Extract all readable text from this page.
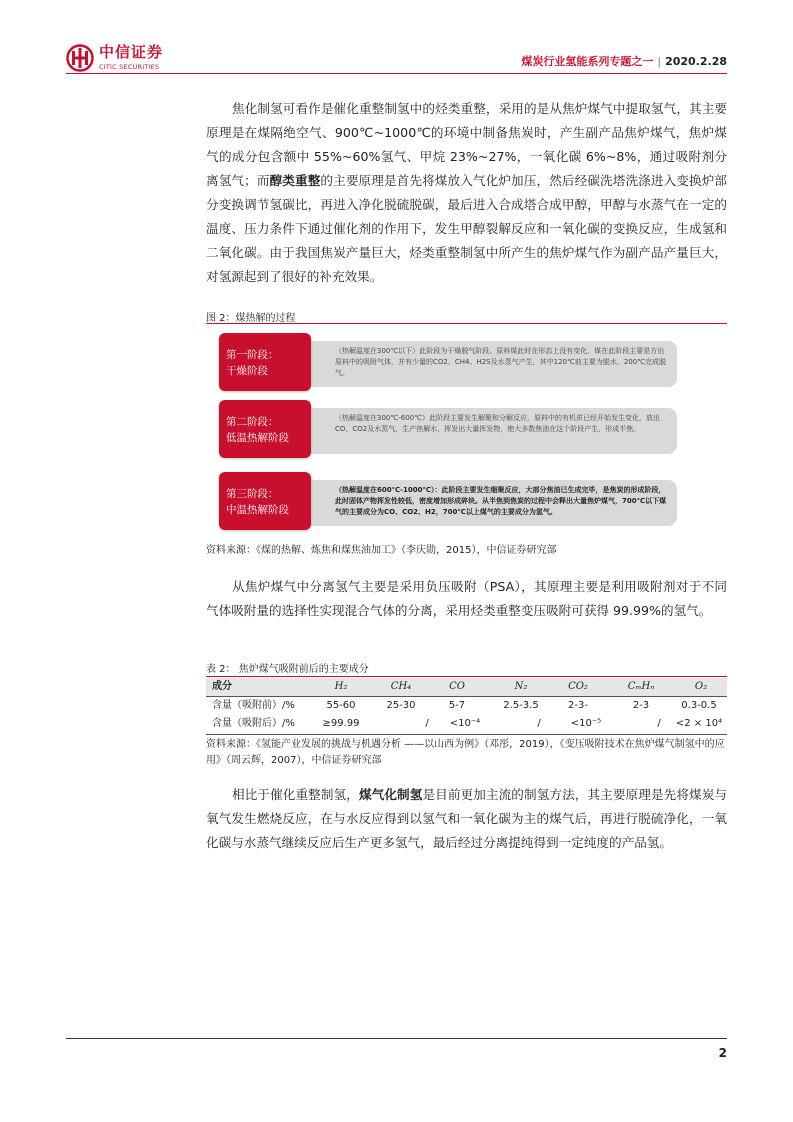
中信证券
CITIC SECURITIES	煤炭行业氢能系列专题之一 | 2020.2.28
焦化制氢可看作是催化重整制氢中的烃类重整，采用的是从焦炉煤气中提取氢气，其主要原理是在煤隔绝空气、900℃~1000℃的环境中制备焦炭时，产生副产品焦炉煤气，焦炉煤气的成分包含额中 55%~60%氢气、甲烷 23%~27%，一氧化碳 6%~8%，通过吸附剂分离氢气；而醇类重整的主要原理是首先将煤放入气化炉加压，然后经碳洗塔洗涤进入变换炉部分变换调节氢碳比，再进入净化脱硫脱碳，最后进入合成塔合成甲醇，甲醇与水蒸气在一定的温度、压力条件下通过催化剂的作用下，发生甲醇裂解反应和一氧化碳的变换反应，生成氢和二氧化碳。由于我国焦炭产量巨大，烃类重整制氢中所产生的焦炉煤气作为副产品产量巨大，对氢源起到了很好的补充效果。
图 2：煤热解的过程
第一阶段：
干燥阶段
（热解温度在300℃以下）此阶段为干燥脱气阶段。原料煤此时在形态上没有变化，煤在此阶段主要是方出原料中的吸附气体，并有少量的CO2、CH4、H2S及水蒸气产生，其中120℃前主要为脱水，200℃完成脱气。
第二阶段：
低温热解阶段
（热解温度在300℃-600℃）此阶段主要发生解聚和分解反应，原料中的有机质已经开始发生变化，放出CO、CO2及水蒸气，生产热解水，挥发出大量挥发物，绝大多数焦油在这个阶段产生，形成半焦。
第三阶段：
中温热解阶段
（热解温度在600℃-1000℃）：此阶段主要发生缩聚反应，大部分焦油已生成完毕，是焦炭的形成阶段，此时固体产物挥发性较低，密度增加形成碎块。从半焦到焦炭的过程中会释出大量焦炉煤气，700℃以下煤气的主要成分为CO、CO2、H2，700℃以上煤气的主要成分为氢气。
资料来源：《煤的热解、炼焦和煤焦油加工》（李庆勋，2015），中信证券研究部
从焦炉煤气中分离氢气主要是采用负压吸附（PSA），其原理主要是利用吸附剂对于不同气体吸附量的选择性实现混合气体的分离，采用烃类重整变压吸附可获得 99.99%的氢气。
表 2： 焦炉煤气吸附前后的主要成分
成分	H₂	CH₄	CO	N₂	CO₂	CₘHₙ	O₂
含量（吸附前）/%	55-60	25-30	5-7	2.5-3.5	2-3-	2-3	0.3-0.5
含量（吸附后）/%	≥99.99	/	<10⁻⁴	/	<10⁻⁵	/	<2 × 10⁴
资料来源：《氢能产业发展的挑战与机遇分析 ——以山西为例》（邓彤，2019），《变压吸附技术在焦炉煤气制氢中的应用》（周云辉，2007），中信证券研究部
相比于催化重整制氢，煤气化制氢是目前更加主流的制氢方法，其主要原理是先将煤炭与氧气发生燃烧反应，在与水反应得到以氢气和一氧化碳为主的煤气后，再进行脱硫净化，一氧化碳与水蒸气继续反应后生产更多氢气，最后经过分离提纯得到一定纯度的产品氢。
2
